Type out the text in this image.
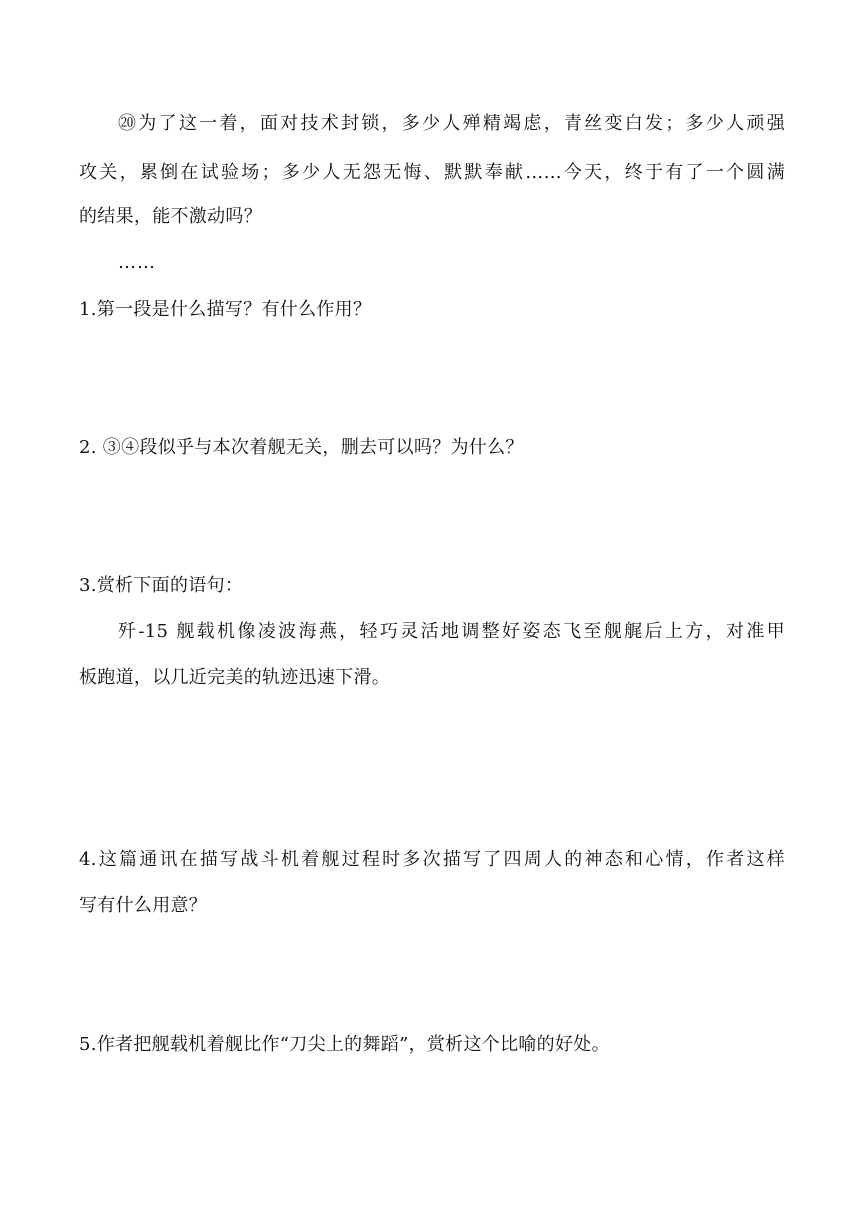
⑳为了这一着，面对技术封锁，多少人殚精竭虑，青丝变白发；多少人顽强
攻关，累倒在试验场；多少人无怨无悔、默默奉献……今天，终于有了一个圆满
的结果，能不激动吗？
……
1.第一段是什么描写？有什么作用？
2. ③④段似乎与本次着舰无关，删去可以吗？为什么？
3.赏析下面的语句：
歼-15 舰载机像凌波海燕，轻巧灵活地调整好姿态飞至舰艉后上方，对准甲
板跑道，以几近完美的轨迹迅速下滑。
4.这篇通讯在描写战斗机着舰过程时多次描写了四周人的神态和心情，作者这样
写有什么用意？
5.作者把舰载机着舰比作“刀尖上的舞蹈”，赏析这个比喻的好处。
